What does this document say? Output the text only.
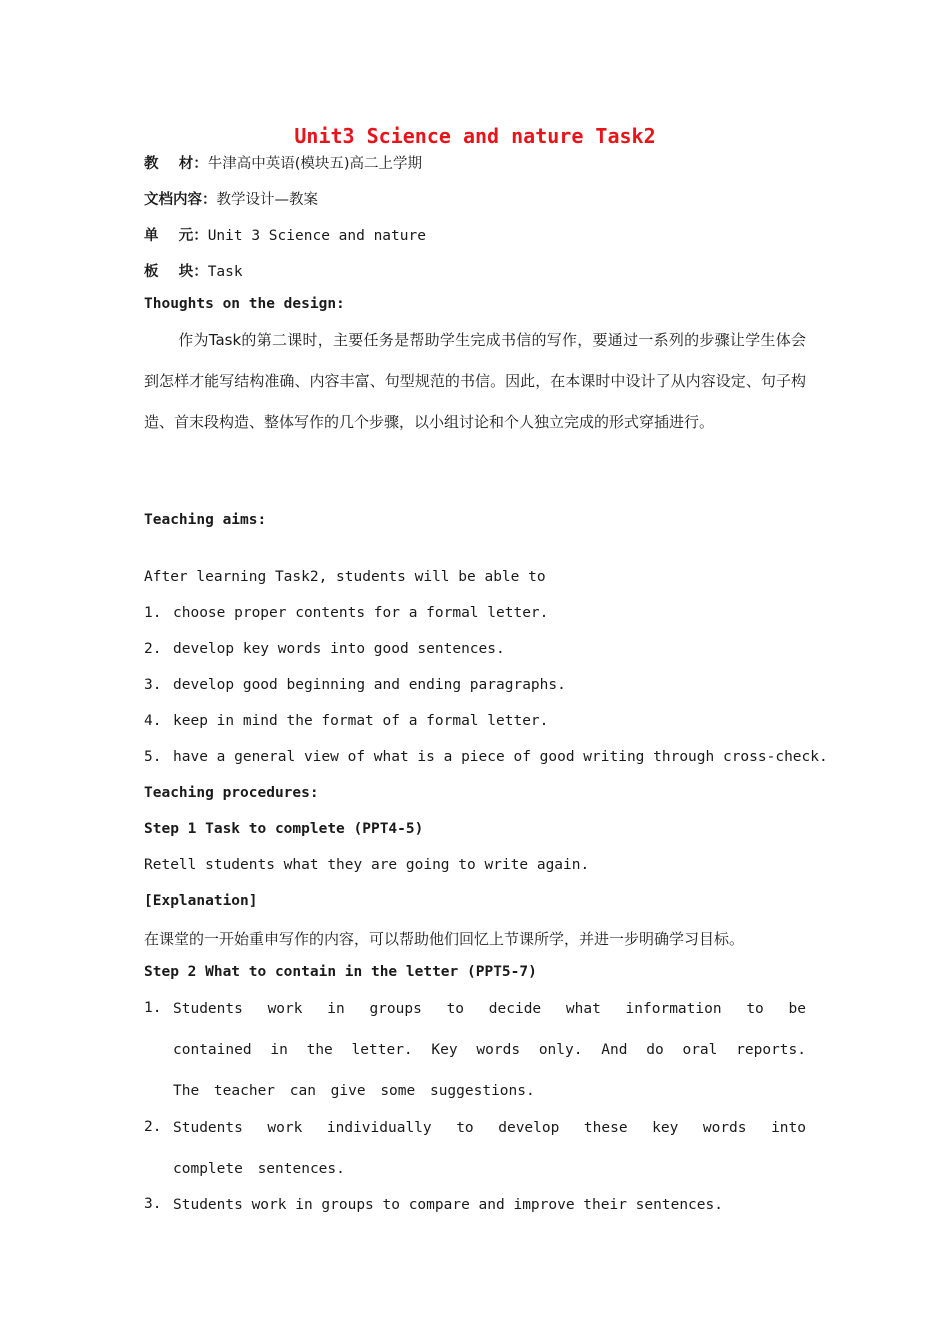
Unit3 Science and nature Task2
教    材：牛津高中英语(模块五)高二上学期
文档内容：教学设计—教案
单    元：Unit 3 Science and nature
板    块：Task
Thoughts on the design:
作为Task的第二课时，主要任务是帮助学生完成书信的写作，要通过一系列的步骤让学生体会到怎样才能写结构准确、内容丰富、句型规范的书信。因此，在本课时中设计了从内容设定、句子构造、首末段构造、整体写作的几个步骤，以小组讨论和个人独立完成的形式穿插进行。
Teaching aims:
After learning Task2, students will be able to
1. choose proper contents for a formal letter.
2. develop key words into good sentences.
3. develop good beginning and ending paragraphs.
4. keep in mind the format of a formal letter.
5. have a general view of what is a piece of good writing through cross-check.
Teaching procedures:
Step 1 Task to complete (PPT4-5)
Retell students what they are going to write again.
[Explanation]
在课堂的一开始重申写作的内容，可以帮助他们回忆上节课所学，并进一步明确学习目标。
Step 2 What to contain in the letter (PPT5-7)
1. Students work in groups to decide what information to be contained in the letter. Key words only. And do oral reports. The teacher can give some suggestions.
2. Students work individually to develop these key words into complete sentences.
3. Students work in groups to compare and improve their sentences.
